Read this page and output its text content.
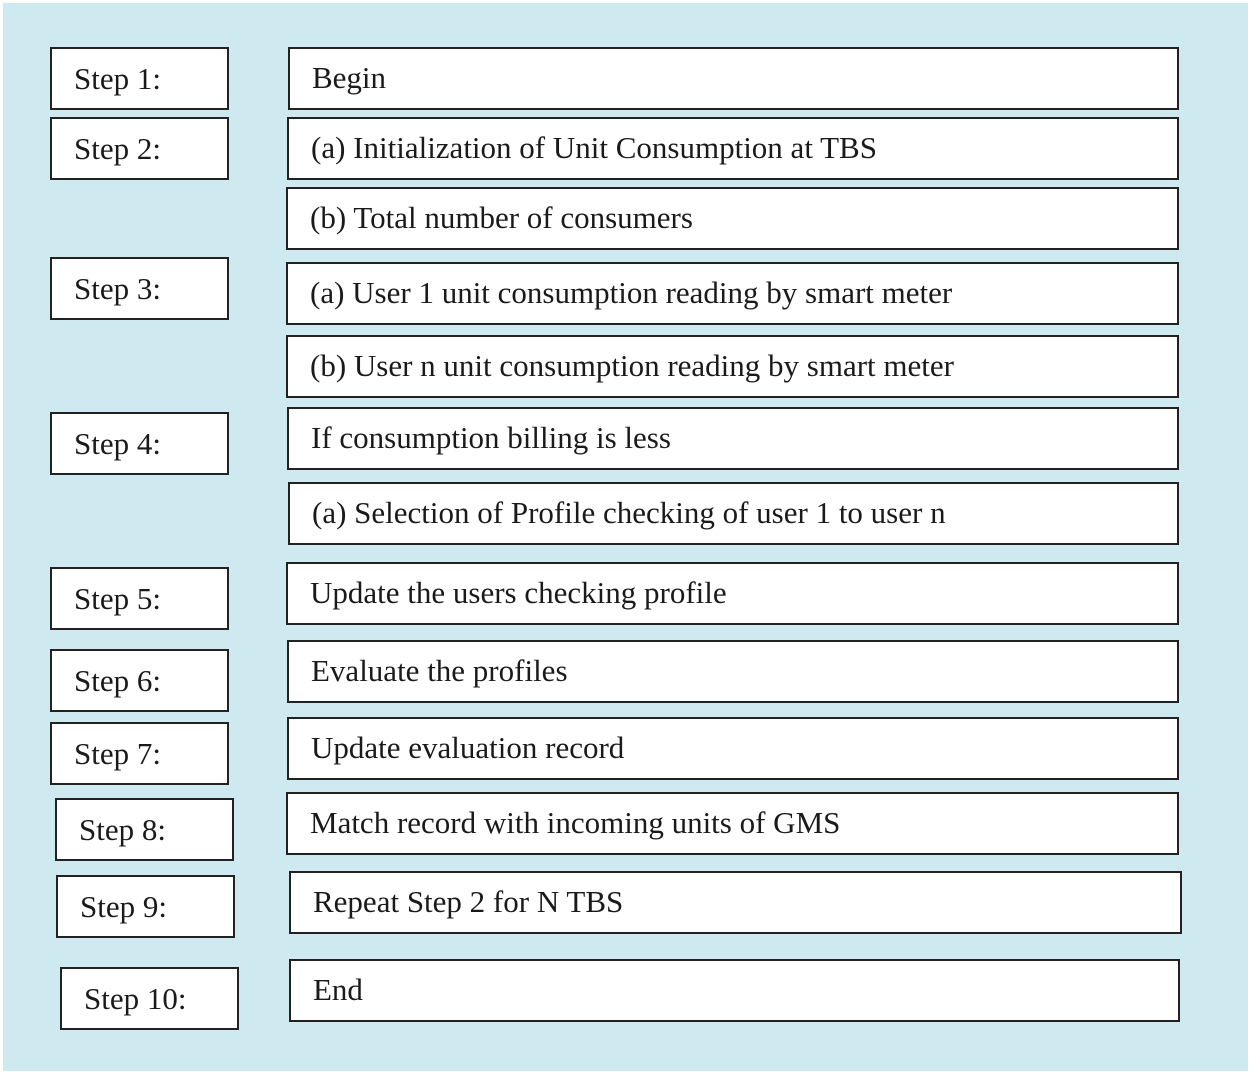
Step 1:
Step 2:
Step 3:
Step 4:
Step 5:
Step 6:
Step 7:
Step 8:
Step 9:
Step 10:
Begin
(a) Initialization of Unit Consumption at TBS
(b) Total number of consumers
(a) User 1 unit consumption reading by smart meter
(b) User n unit consumption reading by smart meter
If consumption billing is less
(a) Selection of Profile checking of user 1 to user n
Update the users checking profile
Evaluate the profiles
Update evaluation record
Match record with incoming units of GMS
Repeat Step 2 for N TBS
End
